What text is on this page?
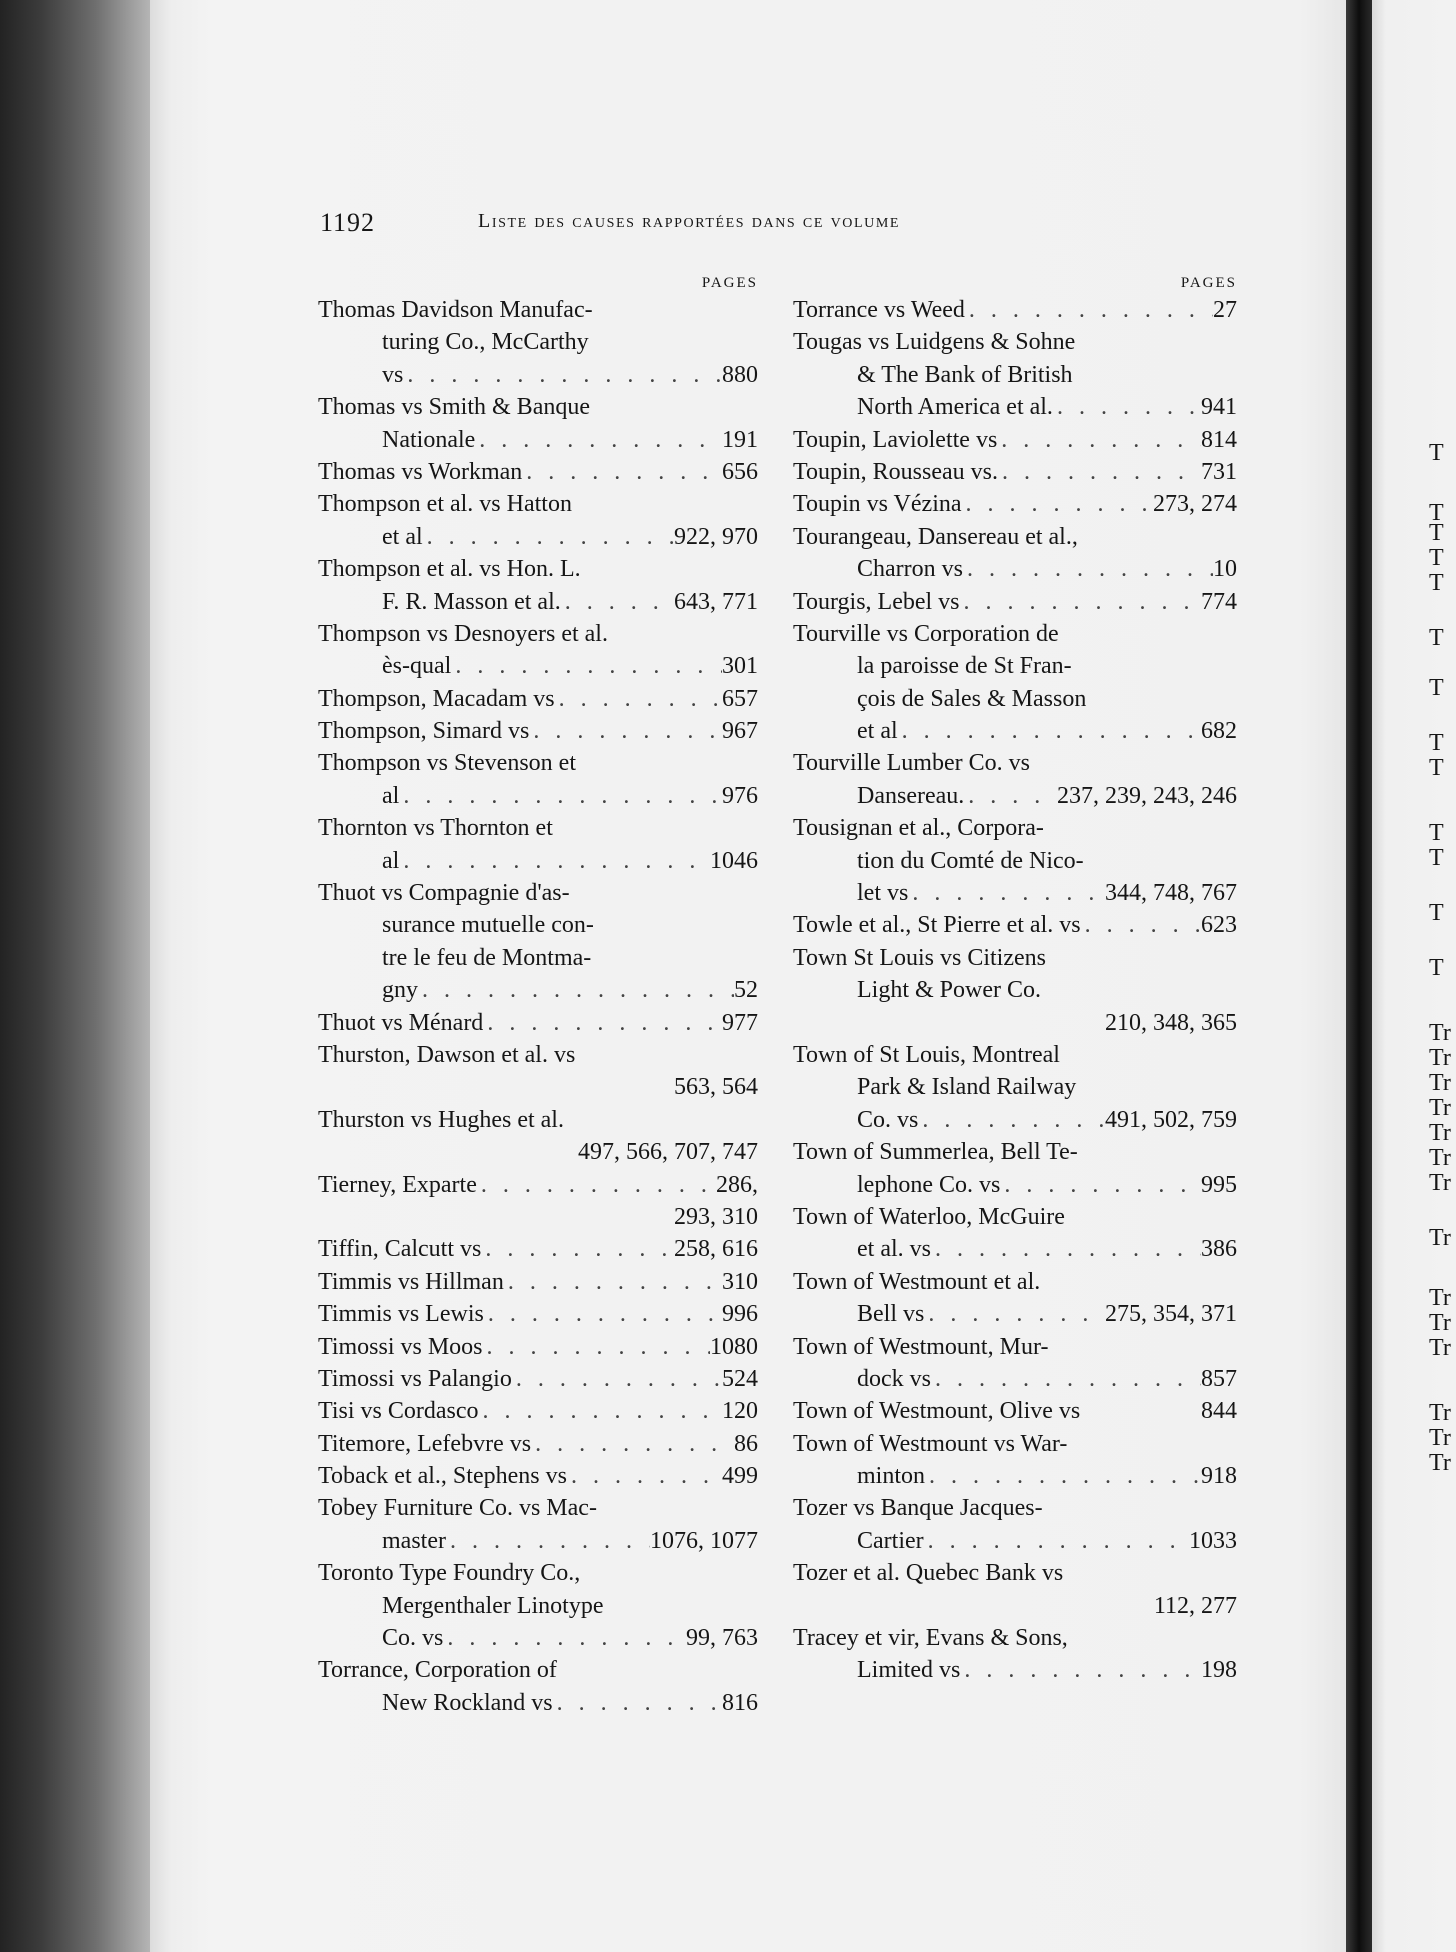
1192	Liste des causes rapportées dans ce volume
PAGES
Thomas Davidson Manufac-
turing Co., McCarthy
vs . . .	880
Thomas vs Smith & Banque
Nationale . . .	191
Thomas vs Workman . . .	656
Thompson et al. vs Hatton
et al . . .	922, 970
Thompson et al. vs Hon. L.
F. R. Masson et al. . . .	643, 771
Thompson vs Desnoyers et al.
ès-qual . . .	301
Thompson, Macadam vs . . .	657
Thompson, Simard vs . . .	967
Thompson vs Stevenson et
al . . .	976
Thornton vs Thornton et
al . . .	1046
Thuot vs Compagnie d'as-
surance mutuelle con-
tre le feu de Montma-
gny . . .	52
Thuot vs Ménard . . .	977
Thurston, Dawson et al. vs
563, 564
Thurston vs Hughes et al.
497, 566, 707, 747
Tierney, Exparte . . .	286,
293, 310
Tiffin, Calcutt vs . . .	258, 616
Timmis vs Hillman . . .	310
Timmis vs Lewis . . .	996
Timossi vs Moos . . .	1080
Timossi vs Palangio . . .	524
Tisi vs Cordasco . . .	120
Titemore, Lefebvre vs . . .	86
Toback et al., Stephens vs . . .	499
Tobey Furniture Co. vs Mac-
master . . .	1076, 1077
Toronto Type Foundry Co.,
Mergenthaler Linotype
Co. vs . . .	99, 763
Torrance, Corporation of
New Rockland vs . . .	816
PAGES
Torrance vs Weed . . .	27
Tougas vs Luidgens & Sohne
& The Bank of British
North America et al. . . .	941
Toupin, Laviolette vs . . .	814
Toupin, Rousseau vs. . . .	731
Toupin vs Vézina . . .	273, 274
Tourangeau, Dansereau et al.,
Charron vs . . .	10
Tourgis, Lebel vs . . .	774
Tourville vs Corporation de
la paroisse de St Fran-
çois de Sales & Masson
et al . . .	682
Tourville Lumber Co. vs
Dansereau. . . .	237, 239, 243, 246
Tousignan et al., Corpora-
tion du Comté de Nico-
let vs . . .	344, 748, 767
Towle et al., St Pierre et al. vs . . .	623
Town St Louis vs Citizens
Light & Power Co.
210, 348, 365
Town of St Louis, Montreal
Park & Island Railway
Co. vs . . .	491, 502, 759
Town of Summerlea, Bell Te-
lephone Co. vs . . .	995
Town of Waterloo, McGuire
et al. vs . . .	386
Town of Westmount et al.
Bell vs . . .	275, 354, 371
Town of Westmount, Mur-
dock vs . . .	857
Town of Westmount, Olive vs	844
Town of Westmount vs War-
minton . . .	918
Tozer vs Banque Jacques-
Cartier . . .	1033
Tozer et al. Quebec Bank vs
112, 277
Tracey et vir, Evans & Sons,
Limited vs . . .	198
T
T
T
T
T
T
T
T
T
T
T
T
T
Tr
Tr
Tr
Tr
Tr
Tr
Tr
Tr
Tr
Tr
Tr
Tr
Tr
Tr
